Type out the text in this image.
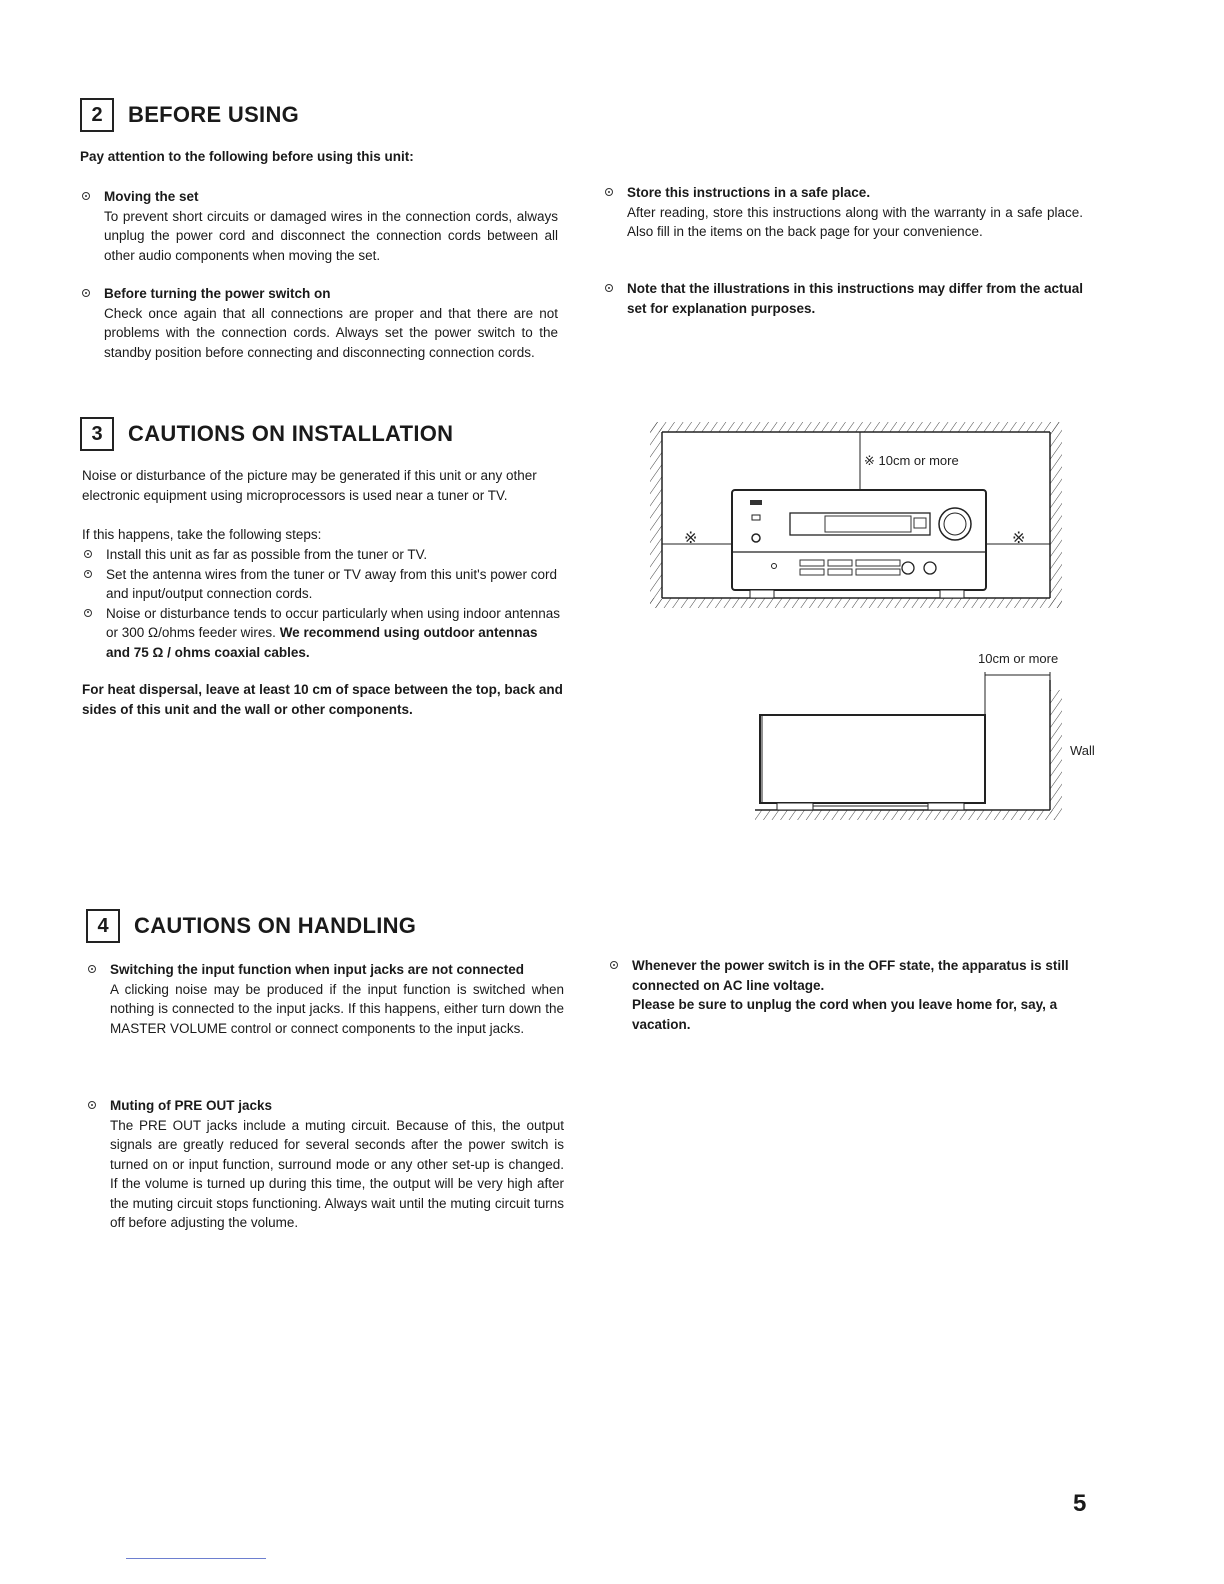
2	BEFORE USING
Pay attention to the following before using this unit:
Moving the set
To prevent short circuits or damaged wires in the connection cords, always unplug the power cord and disconnect the connection cords between all other audio components when moving the set.
Before turning the power switch on
Check once again that all connections are proper and that there are not problems with the connection cords. Always set the power switch to the standby position before connecting and disconnecting connection cords.
Store this instructions in a safe place.
After reading, store this instructions along with the warranty in a safe place. Also fill in the items on the back page for your convenience.
Note that the illustrations in this instructions may differ from the actual set for explanation purposes.
3	CAUTIONS ON INSTALLATION
Noise or disturbance of the picture may be generated if this unit or any other electronic equipment using microprocessors is used near a tuner or TV.
If this happens, take the following steps:
Install this unit as far as possible from the tuner or TV.
Set the antenna wires from the tuner or TV away from this unit's power cord and input/output connection cords.
Noise or disturbance tends to occur particularly when using indoor antennas or 300 Ω/ohms feeder wires. We recommend using outdoor antennas and 75 Ω / ohms coaxial cables.
For heat dispersal, leave at least 10 cm of space between the top, back and sides of this unit and the wall or other components.
※ 10cm or more
※	※
10cm or more
Wall
4	CAUTIONS ON HANDLING
Switching the input function when input jacks are not connected
A clicking noise may be produced if the input function is switched when nothing is connected to the input jacks. If this happens, either turn down the MASTER VOLUME control or connect components to the input jacks.
Muting of PRE OUT jacks
The PRE OUT jacks include a muting circuit. Because of this, the output signals are greatly reduced for several seconds after the power switch is turned on or input function, surround mode or any other set-up is changed. If the volume is turned up during this time, the output will be very high after the muting circuit stops functioning. Always wait until the muting circuit turns off before adjusting the volume.
Whenever the power switch is in the OFF state, the apparatus is still connected on AC line voltage.
Please be sure to unplug the cord when you leave home for, say, a vacation.
5
